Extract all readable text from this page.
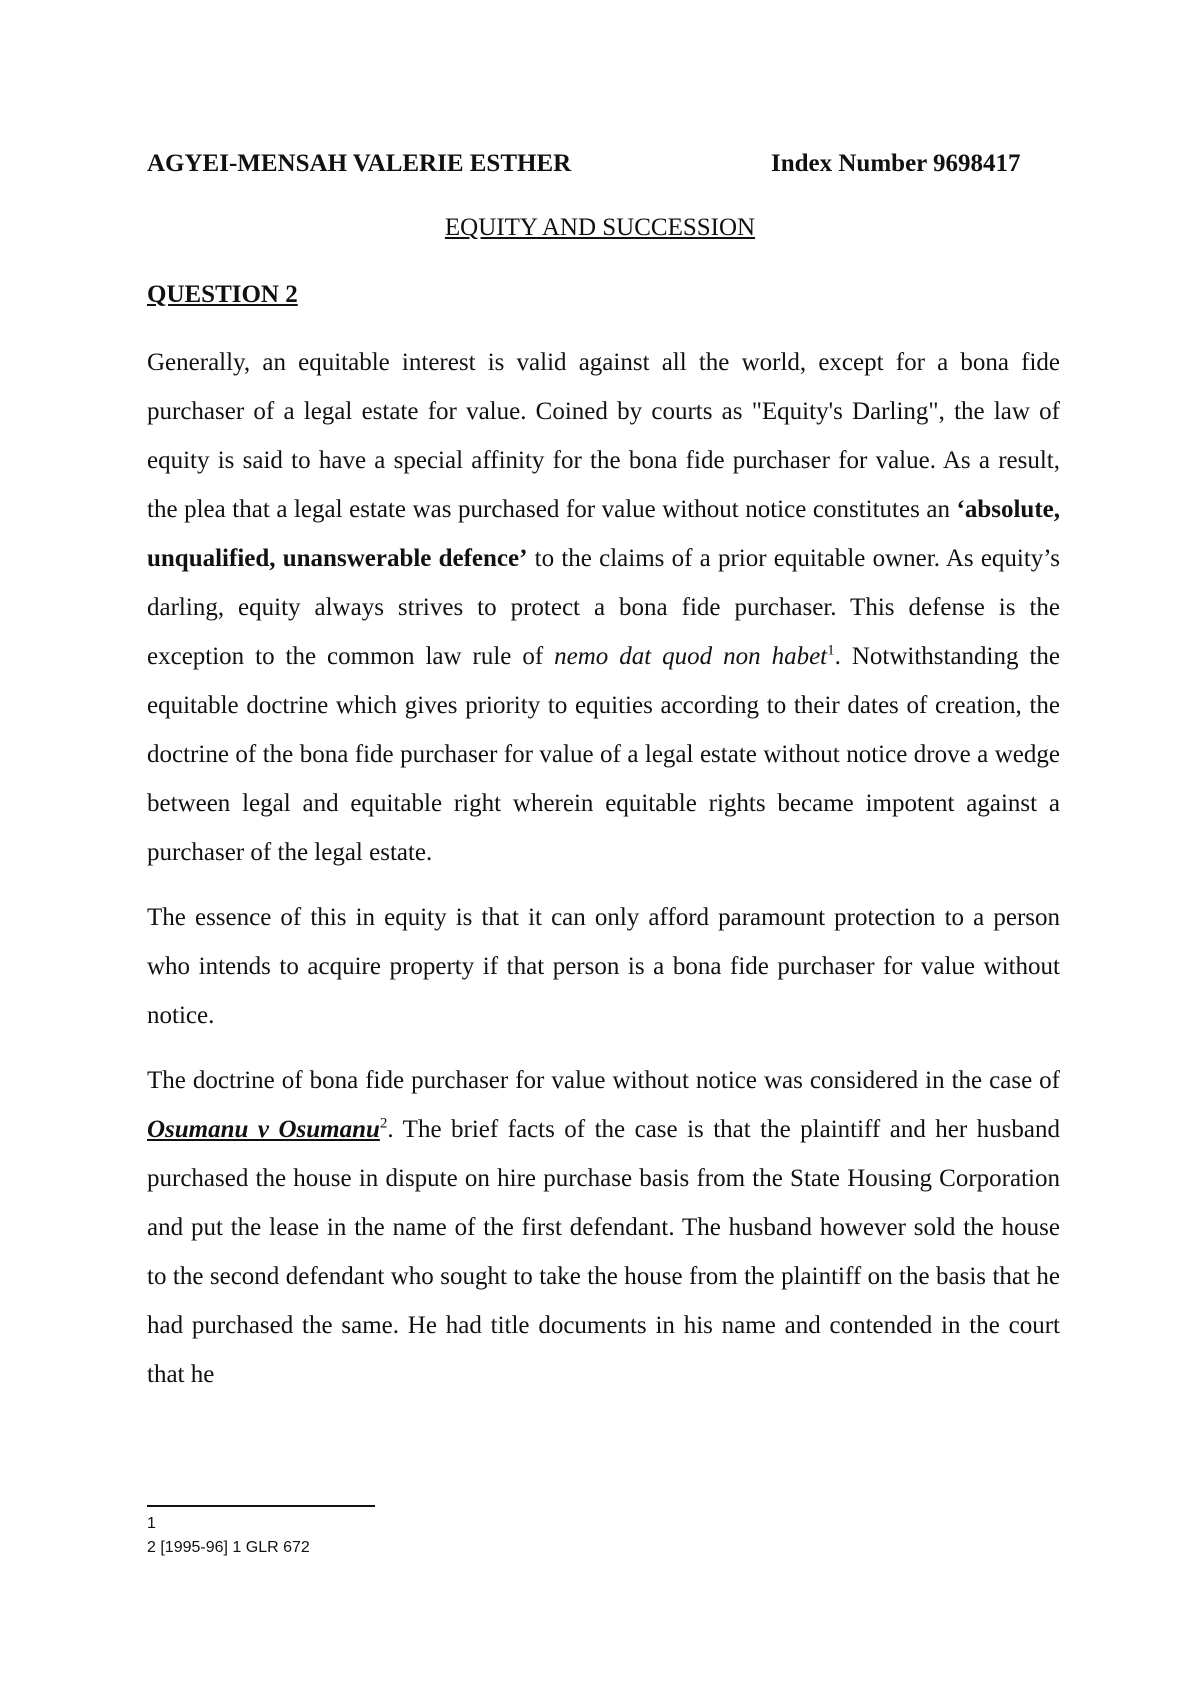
AGYEI-MENSAH VALERIE ESTHER	Index Number 9698417
EQUITY AND SUCCESSION
QUESTION 2

Generally, an equitable interest is valid against all the world, except for a bona fide purchaser of a legal estate for value. Coined by courts as "Equity's Darling", the law of equity is said to have a special affinity for the bona fide purchaser for value. As a result, the plea that a legal estate was purchased for value without notice constitutes an ‘absolute, unqualified, unanswerable defence’ to the claims of a prior equitable owner. As equity’s darling, equity always strives to protect a bona fide purchaser. This defense is the exception to the common law rule of nemo dat quod non habet$^1$. Notwithstanding the equitable doctrine which gives priority to equities according to their dates of creation, the doctrine of the bona fide purchaser for value of a legal estate without notice drove a wedge between legal and equitable right wherein equitable rights became impotent against a purchaser of the legal estate.

The essence of this in equity is that it can only afford paramount protection to a person who intends to acquire property if that person is a bona fide purchaser for value without notice.

The doctrine of bona fide purchaser for value without notice was considered in the case of Osumanu v Osumanu$^2$. The brief facts of the case is that the plaintiff and her husband purchased the house in dispute on hire purchase basis from the State Housing Corporation and put the lease in the name of the first defendant. The husband however sold the house to the second defendant who sought to take the house from the plaintiff on the basis that he had purchased the same. He had title documents in his name and contended in the court that he

1
2 [1995-96] 1 GLR 672
